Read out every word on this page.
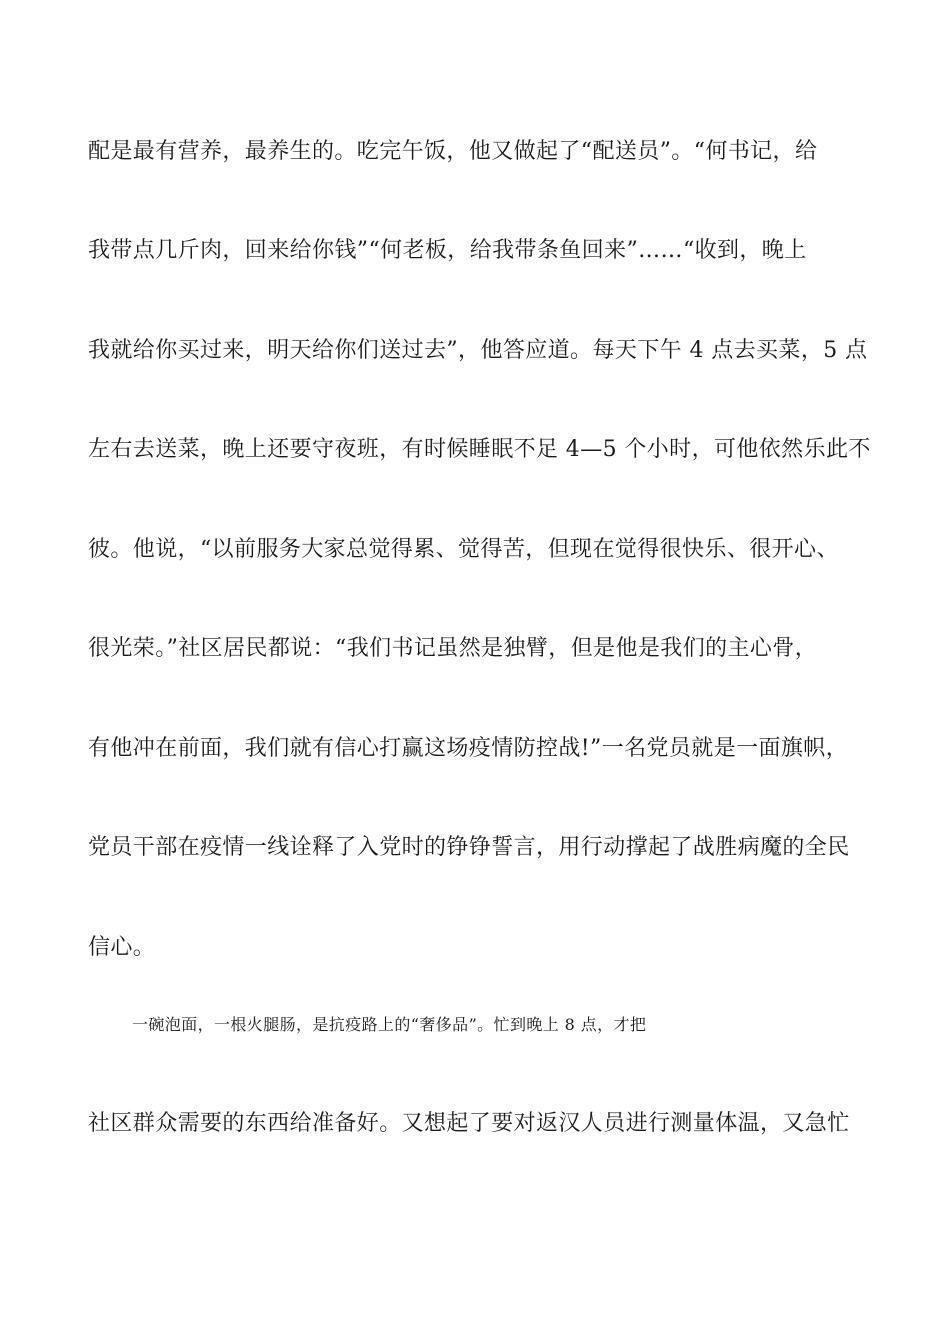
配是最有营养，最养生的。吃完午饭，他又做起了“配送员”。“何书记，给
我带点几斤肉，回来给你钱”“何老板，给我带条鱼回来”……“收到，晚上
我就给你买过来，明天给你们送过去”，他答应道。每天下午 4 点去买菜，5 点
左右去送菜，晚上还要守夜班，有时候睡眠不足 4—5 个小时，可他依然乐此不
彼。他说，“以前服务大家总觉得累、觉得苦，但现在觉得很快乐、很开心、
很光荣。”社区居民都说：“我们书记虽然是独臂，但是他是我们的主心骨，
有他冲在前面，我们就有信心打赢这场疫情防控战!”一名党员就是一面旗帜，
党员干部在疫情一线诠释了入党时的铮铮誓言，用行动撑起了战胜病魔的全民
信心。
一碗泡面，一根火腿肠，是抗疫路上的“奢侈品”。忙到晚上 8 点，才把
社区群众需要的东西给准备好。又想起了要对返汉人员进行测量体温，又急忙
